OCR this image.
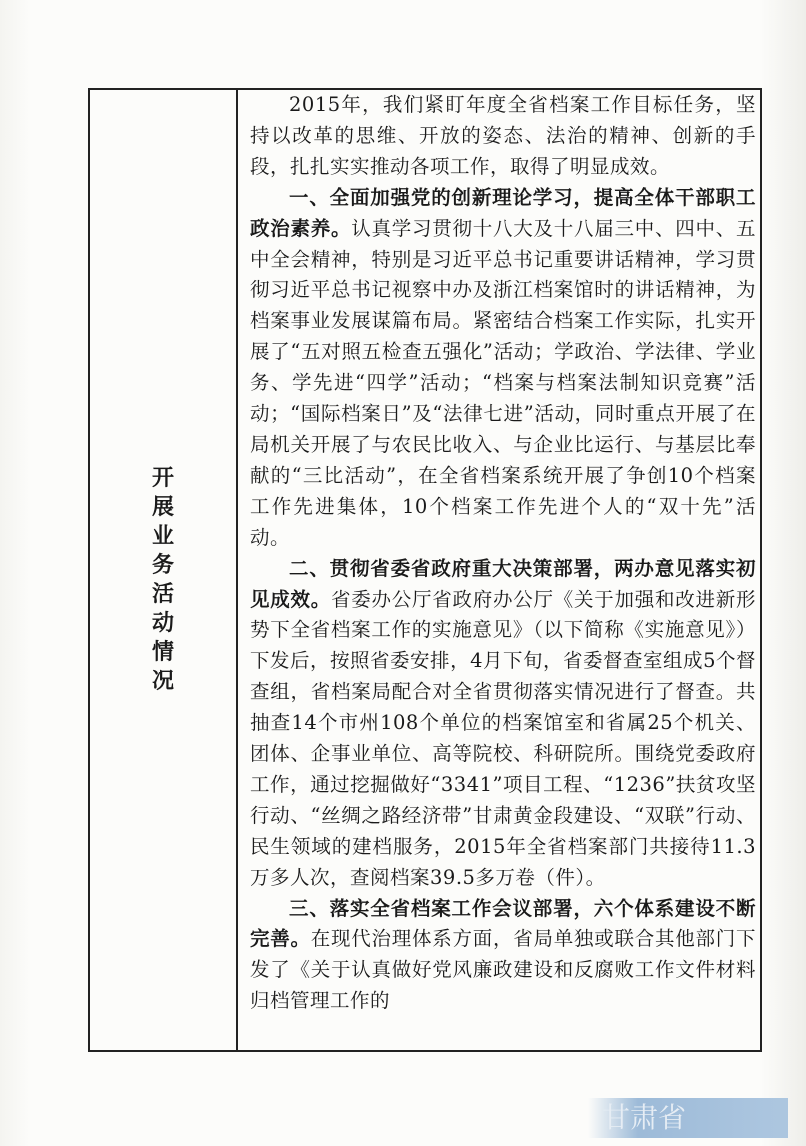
开展业务活动情况

2015年，我们紧盯年度全省档案工作目标任务，坚持以改革的思维、开放的姿态、法治的精神、创新的手段，扎扎实实推动各项工作，取得了明显成效。

一、全面加强党的创新理论学习，提高全体干部职工政治素养。认真学习贯彻十八大及十八届三中、四中、五中全会精神，特别是习近平总书记重要讲话精神，学习贯彻习近平总书记视察中办及浙江档案馆时的讲话精神，为档案事业发展谋篇布局。紧密结合档案工作实际，扎实开展了“五对照五检查五强化”活动；学政治、学法律、学业务、学先进“四学”活动；“档案与档案法制知识竞赛”活动；“国际档案日”及“法律七进”活动，同时重点开展了在局机关开展了与农民比收入、与企业比运行、与基层比奉献的“三比活动”，在全省档案系统开展了争创10个档案工作先进集体，10个档案工作先进个人的“双十先”活动。

二、贯彻省委省政府重大决策部署，两办意见落实初见成效。省委办公厅省政府办公厅《关于加强和改进新形势下全省档案工作的实施意见》（以下简称《实施意见》）下发后，按照省委安排，4月下旬，省委督查室组成5个督查组，省档案局配合对全省贯彻落实情况进行了督查。共抽查14个市州108个单位的档案馆室和省属25个机关、团体、企事业单位、高等院校、科研院所。围绕党委政府工作，通过挖掘做好“3341”项目工程、“1236”扶贫攻坚行动、“丝绸之路经济带”甘肃黄金段建设、“双联”行动、民生领域的建档服务，2015年全省档案部门共接待11.3万多人次，查阅档案39.5多万卷（件）。

三、落实全省档案工作会议部署，六个体系建设不断完善。在现代治理体系方面，省局单独或联合其他部门下发了《关于认真做好党风廉政建设和反腐败工作文件材料归档管理工作的

甘肃省
